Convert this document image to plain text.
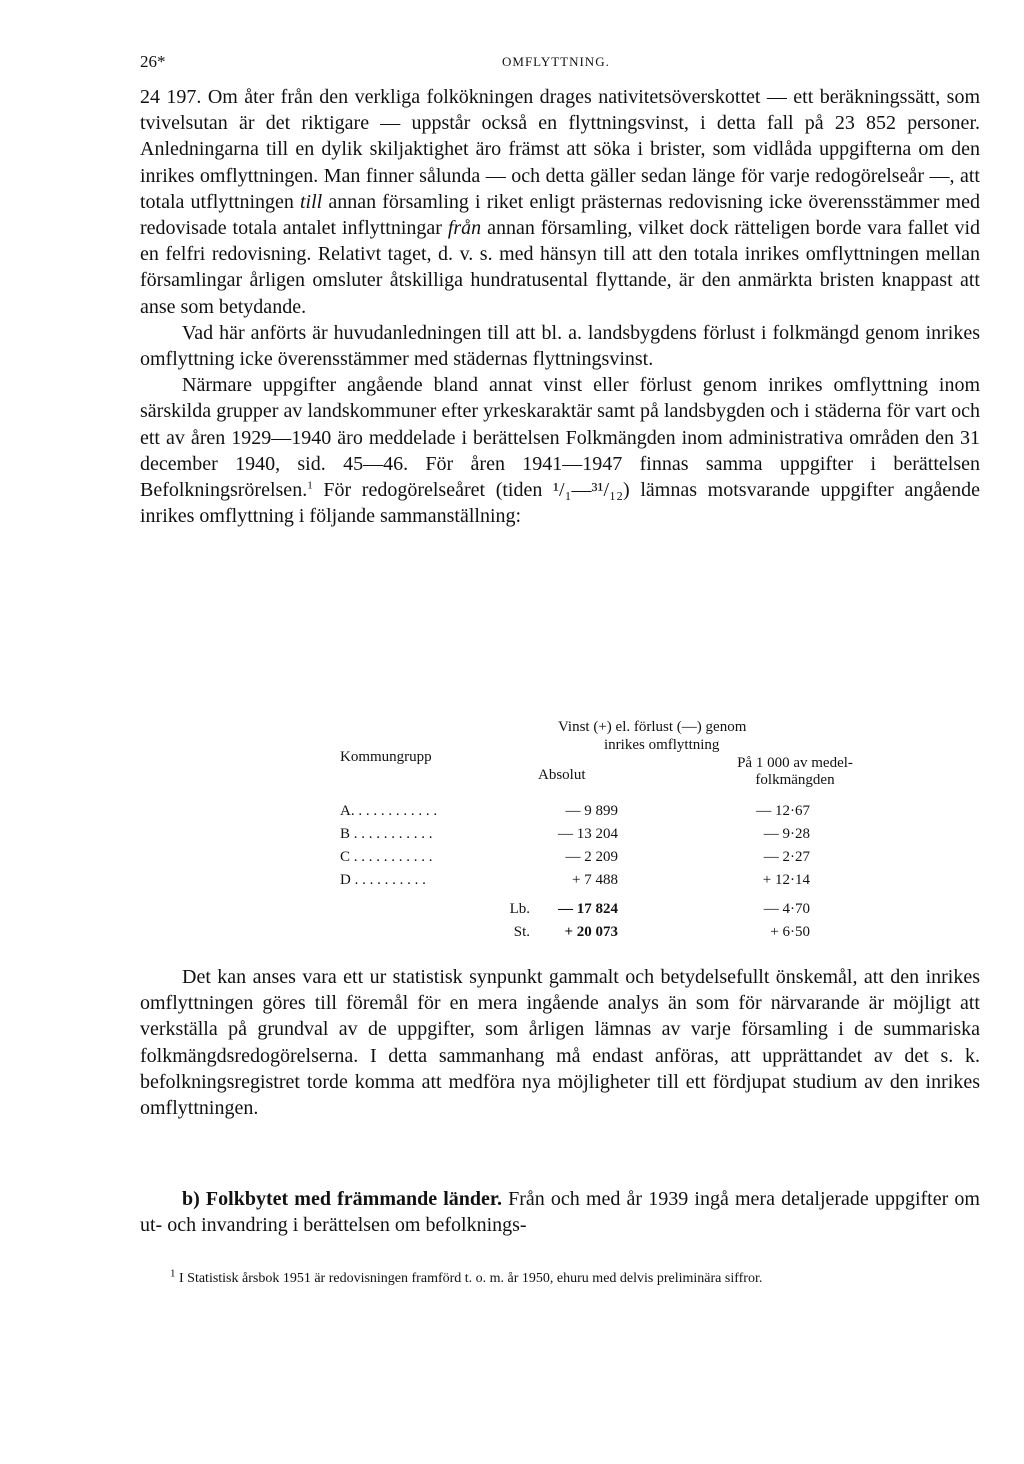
26*	OMFLYTTNING.

24 197. Om åter från den verkliga folkökningen drages nativitetsöverskottet — ett beräkningssätt, som tvivelsutan är det riktigare — uppstår också en flyttningsvinst, i detta fall på 23 852 personer. Anledningarna till en dylik skiljaktighet äro främst att söka i brister, som vidlåda uppgifterna om den inrikes omflyttningen. Man finner sålunda — och detta gäller sedan länge för varje redogörelseår —, att totala utflyttningen till annan församling i riket enligt prästernas redovisning icke överensstämmer med redovisade totala antalet inflyttningar från annan församling, vilket dock rätteligen borde vara fallet vid en felfri redovisning. Relativt taget, d. v. s. med hänsyn till att den totala inrikes omflyttningen mellan församlingar årligen omsluter åtskilliga hundratusental flyttande, är den anmärkta bristen knappast att anse som betydande.

Vad här anförts är huvudanledningen till att bl. a. landsbygdens förlust i folkmängd genom inrikes omflyttning icke överensstämmer med städernas flyttningsvinst.

Närmare uppgifter angående bland annat vinst eller förlust genom inrikes omflyttning inom särskilda grupper av landskommuner efter yrkeskaraktär samt på landsbygden och i städerna för vart och ett av åren 1929—1940 äro meddelade i berättelsen Folkmängden inom administrativa områden den 31 december 1940, sid. 45—46. För åren 1941—1947 finnas samma uppgifter i berättelsen Befolkningsrörelsen.$^1$ För redogörelseåret (tiden ¹/₁—³¹/₁₂) lämnas motsvarande uppgifter angående inrikes omflyttning i följande sammanställning:

Vinst (+) el. förlust (—) genom
inrikes omflyttning
Kommungrupp
Absolut
På 1 000 av medel-
folkmängden
A. . . . . . . . . . . .	— 9 899	— 12·67
B . . . . . . . . . . .	— 13 204	— 9·28
C . . . . . . . . . . .	— 2 209	— 2·27
D . . . . . . . . . .	+ 7 488	+ 12·14
Lb.	— 17 824	— 4·70
St.	+ 20 073	+ 6·50

Det kan anses vara ett ur statistisk synpunkt gammalt och betydelsefullt önskemål, att den inrikes omflyttningen göres till föremål för en mera ingående analys än som för närvarande är möjligt att verkställa på grundval av de uppgifter, som årligen lämnas av varje församling i de summariska folkmängdsredogörelserna. I detta sammanhang må endast anföras, att upprättandet av det s. k. befolkningsregistret torde komma att medföra nya möjligheter till ett fördjupat studium av den inrikes omflyttningen.

b) Folkbytet med främmande länder. Från och med år 1939 ingå mera detaljerade uppgifter om ut- och invandring i berättelsen om befolknings-

$^1$ I Statistisk årsbok 1951 är redovisningen framförd t. o. m. år 1950, ehuru med delvis preliminära siffror.
